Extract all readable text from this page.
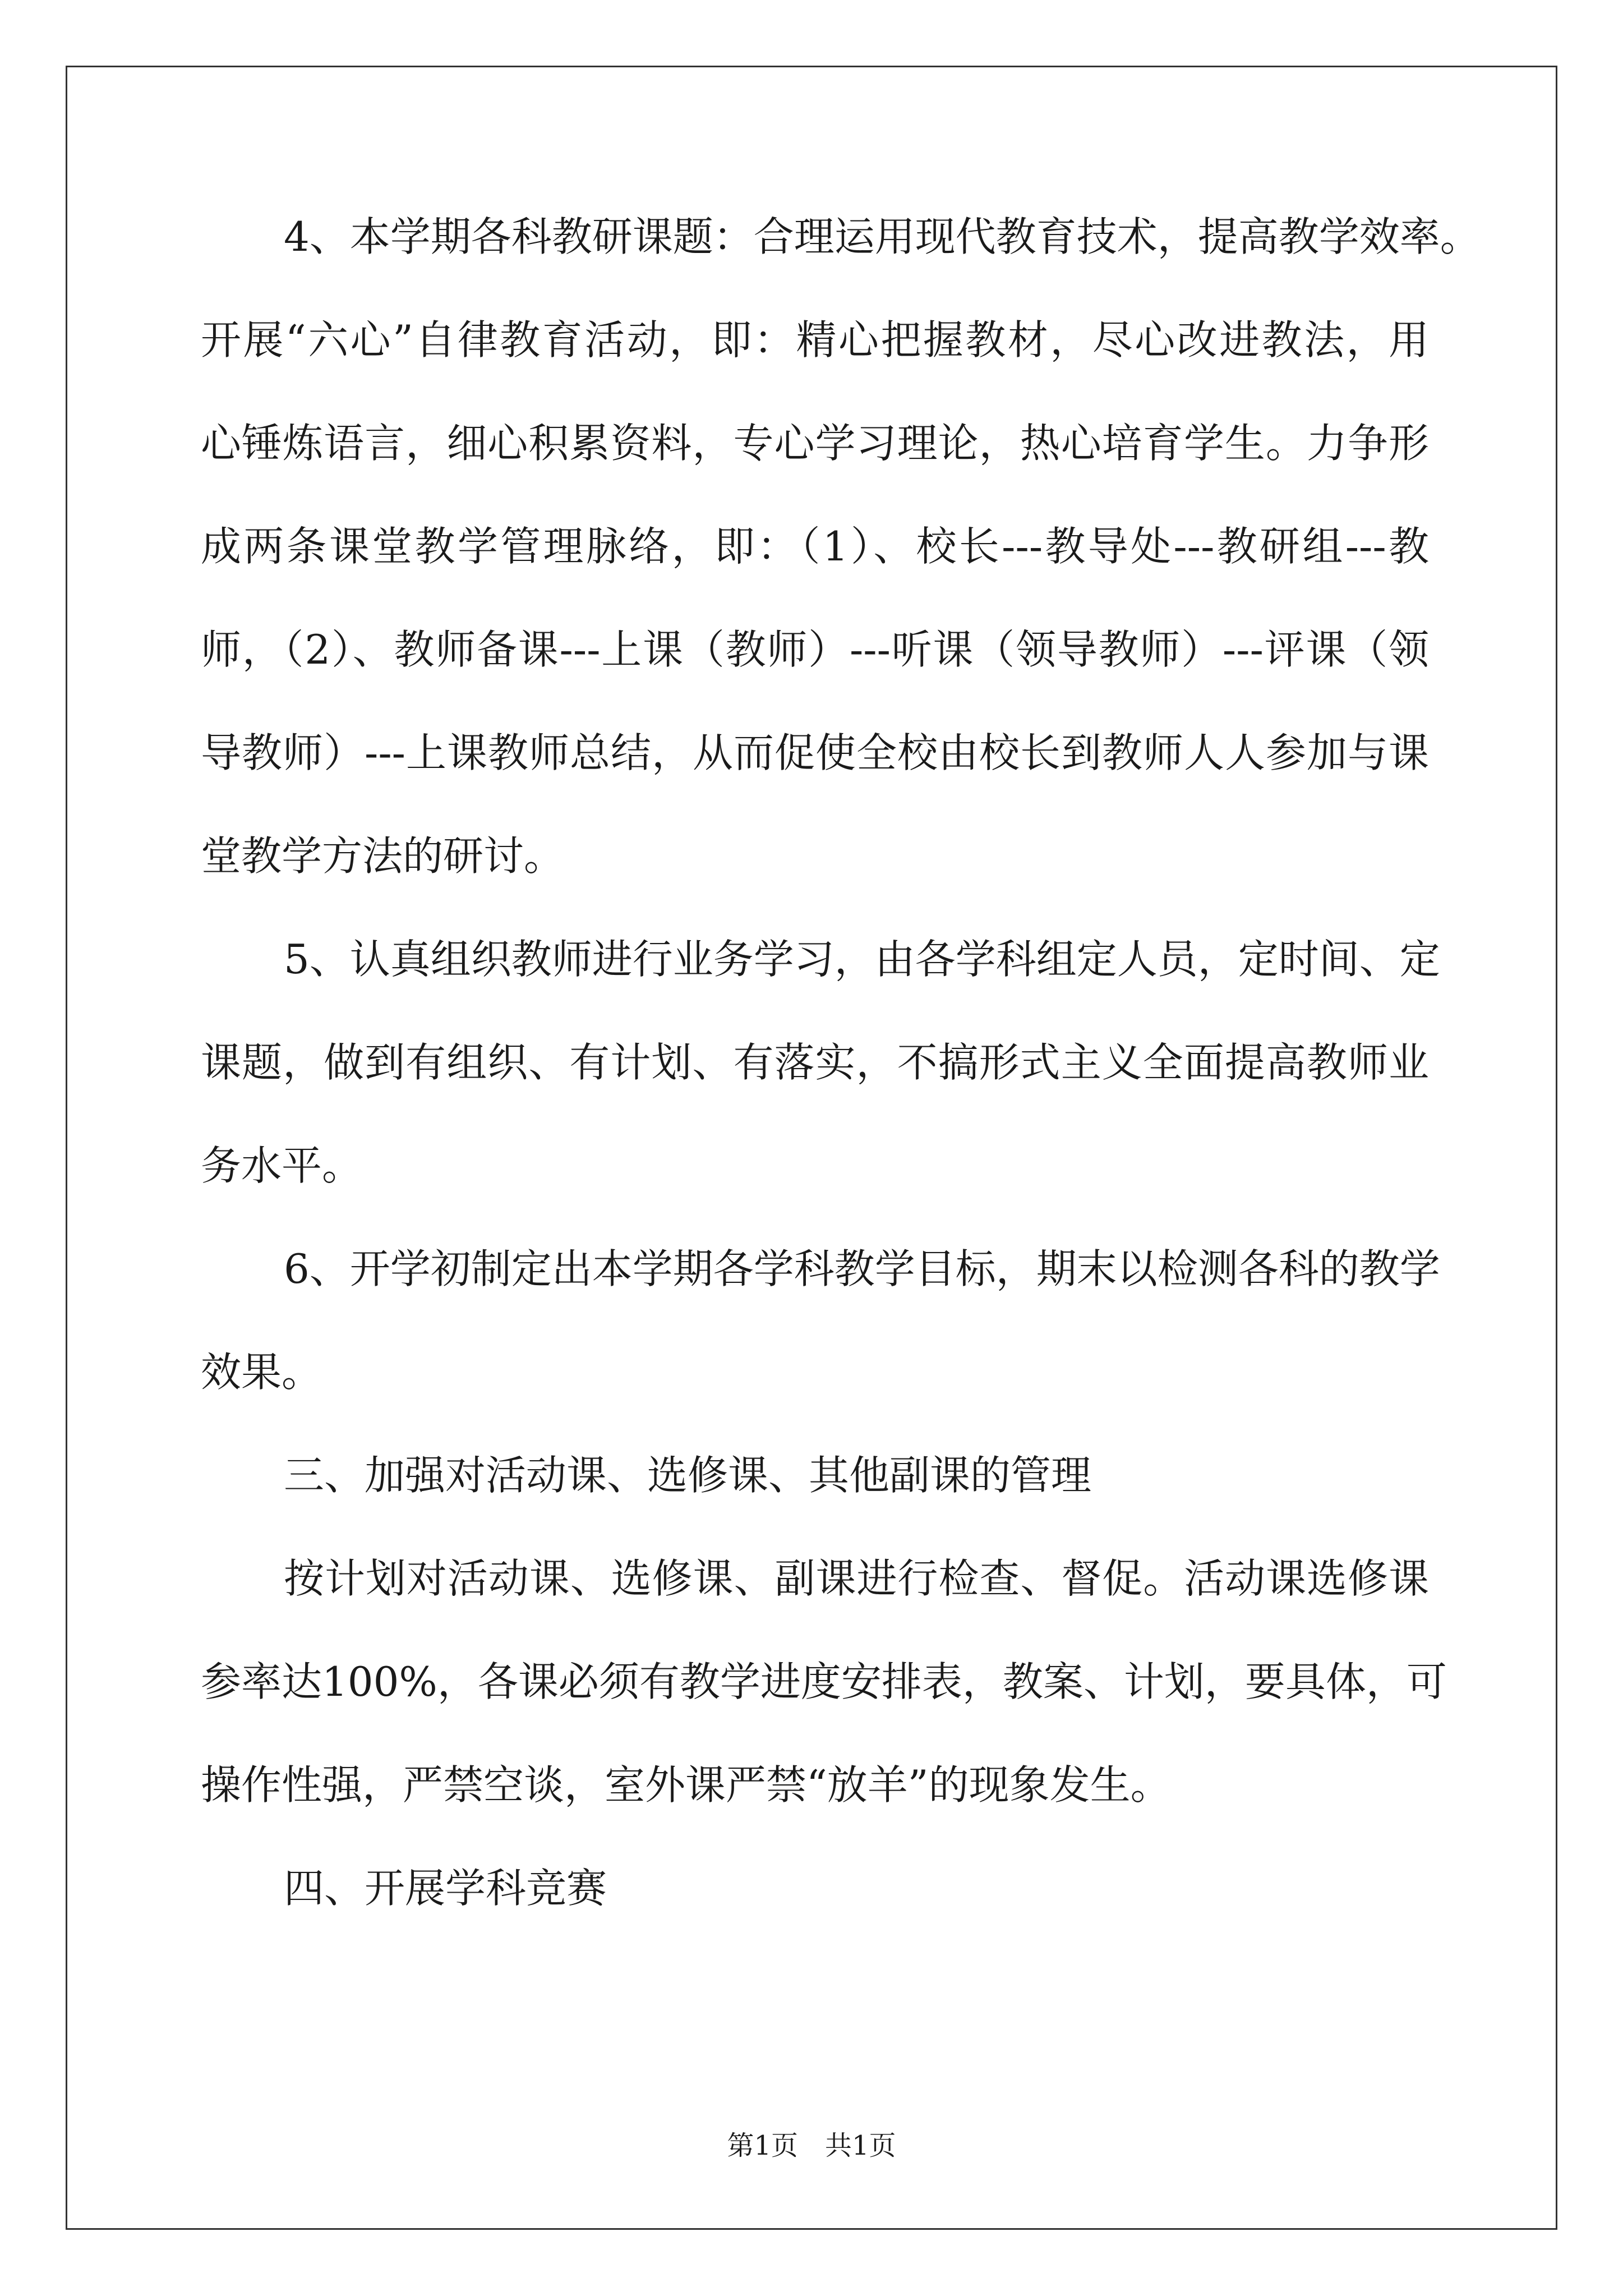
4、本学期各科教研课题：合理运用现代教育技术，提高教学效率。
开展“六心”自律教育活动，即：精心把握教材，尽心改进教法，用
心锤炼语言，细心积累资料，专心学习理论，热心培育学生。力争形
成两条课堂教学管理脉络，即：（1）、校长---教导处---教研组---教
师，（2）、教师备课---上课（教师）---听课（领导教师）---评课（领
导教师）---上课教师总结，从而促使全校由校长到教师人人参加与课
堂教学方法的研讨。
5、认真组织教师进行业务学习，由各学科组定人员，定时间、定
课题，做到有组织、有计划、有落实，不搞形式主义全面提高教师业
务水平。
6、开学初制定出本学期各学科教学目标，期末以检测各科的教学
效果。
三、加强对活动课、选修课、其他副课的管理
按计划对活动课、选修课、副课进行检查、督促。活动课选修课
参率达100%，各课必须有教学进度安排表，教案、计划，要具体，可
操作性强，严禁空谈，室外课严禁“放羊”的现象发生。
四、开展学科竞赛
第1页 共1页
